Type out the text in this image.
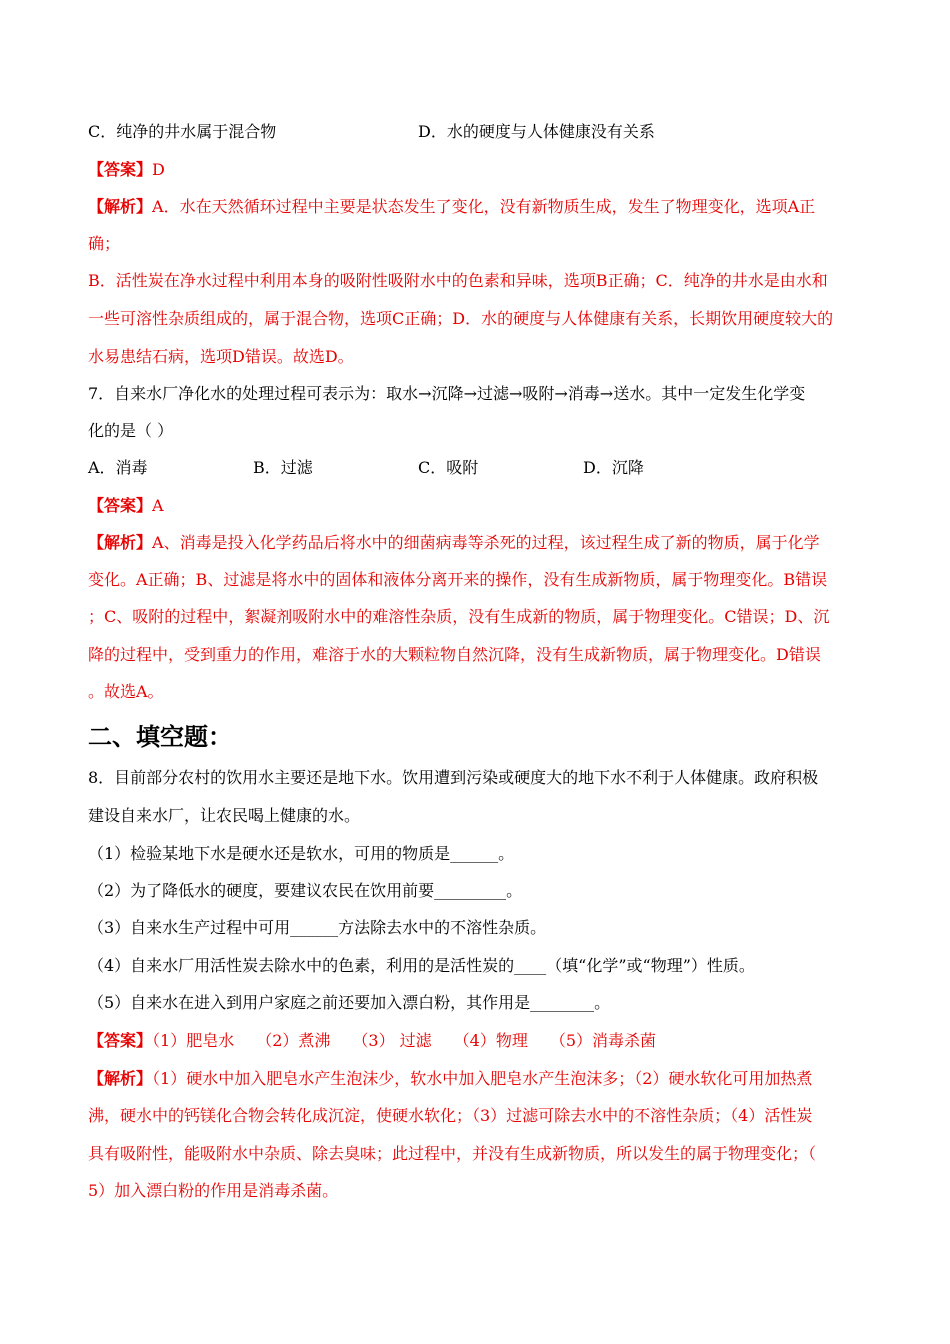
C．纯净的井水属于混合物	D．水的硬度与人体健康没有关系
【答案】D
【解析】A．水在天然循环过程中主要是状态发生了变化，没有新物质生成，发生了物理变化，选项A正
确；
B．活性炭在净水过程中利用本身的吸附性吸附水中的色素和异味，选项B正确；C．纯净的井水是由水和
一些可溶性杂质组成的，属于混合物，选项C正确；D．水的硬度与人体健康有关系，长期饮用硬度较大的
水易患结石病，选项D错误。故选D。
7．自来水厂净化水的处理过程可表示为：取水→沉降→过滤→吸附→消毒→送水。其中一定发生化学变
化的是（ ）
A．消毒	B．过滤	C．吸附	D．沉降
【答案】A
【解析】A、消毒是投入化学药品后将水中的细菌病毒等杀死的过程，该过程生成了新的物质，属于化学
变化。A正确；B、过滤是将水中的固体和液体分离开来的操作，没有生成新物质，属于物理变化。B错误
；C、吸附的过程中，絮凝剂吸附水中的难溶性杂质，没有生成新的物质，属于物理变化。C错误；D、沉
降的过程中，受到重力的作用，难溶于水的大颗粒物自然沉降，没有生成新物质，属于物理变化。D错误
。故选A。
二、填空题：
8．目前部分农村的饮用水主要还是地下水。饮用遭到污染或硬度大的地下水不利于人体健康。政府积极
建设自来水厂，让农民喝上健康的水。
（1）检验某地下水是硬水还是软水，可用的物质是______。
（2）为了降低水的硬度，要建议农民在饮用前要_________。
（3）自来水生产过程中可用______方法除去水中的不溶性杂质。
（4）自来水厂用活性炭去除水中的色素，利用的是活性炭的____（填“化学”或“物理”）性质。
（5）自来水在进入到用户家庭之前还要加入漂白粉，其作用是________。
【答案】（1）肥皂水 （2）煮沸 （3） 过滤 （4）物理 （5）消毒杀菌
【解析】（1）硬水中加入肥皂水产生泡沫少，软水中加入肥皂水产生泡沫多；（2）硬水软化可用加热煮
沸，硬水中的钙镁化合物会转化成沉淀，使硬水软化；（3）过滤可除去水中的不溶性杂质；（4）活性炭
具有吸附性，能吸附水中杂质、除去臭味；此过程中，并没有生成新物质，所以发生的属于物理变化；（
5）加入漂白粉的作用是消毒杀菌。
